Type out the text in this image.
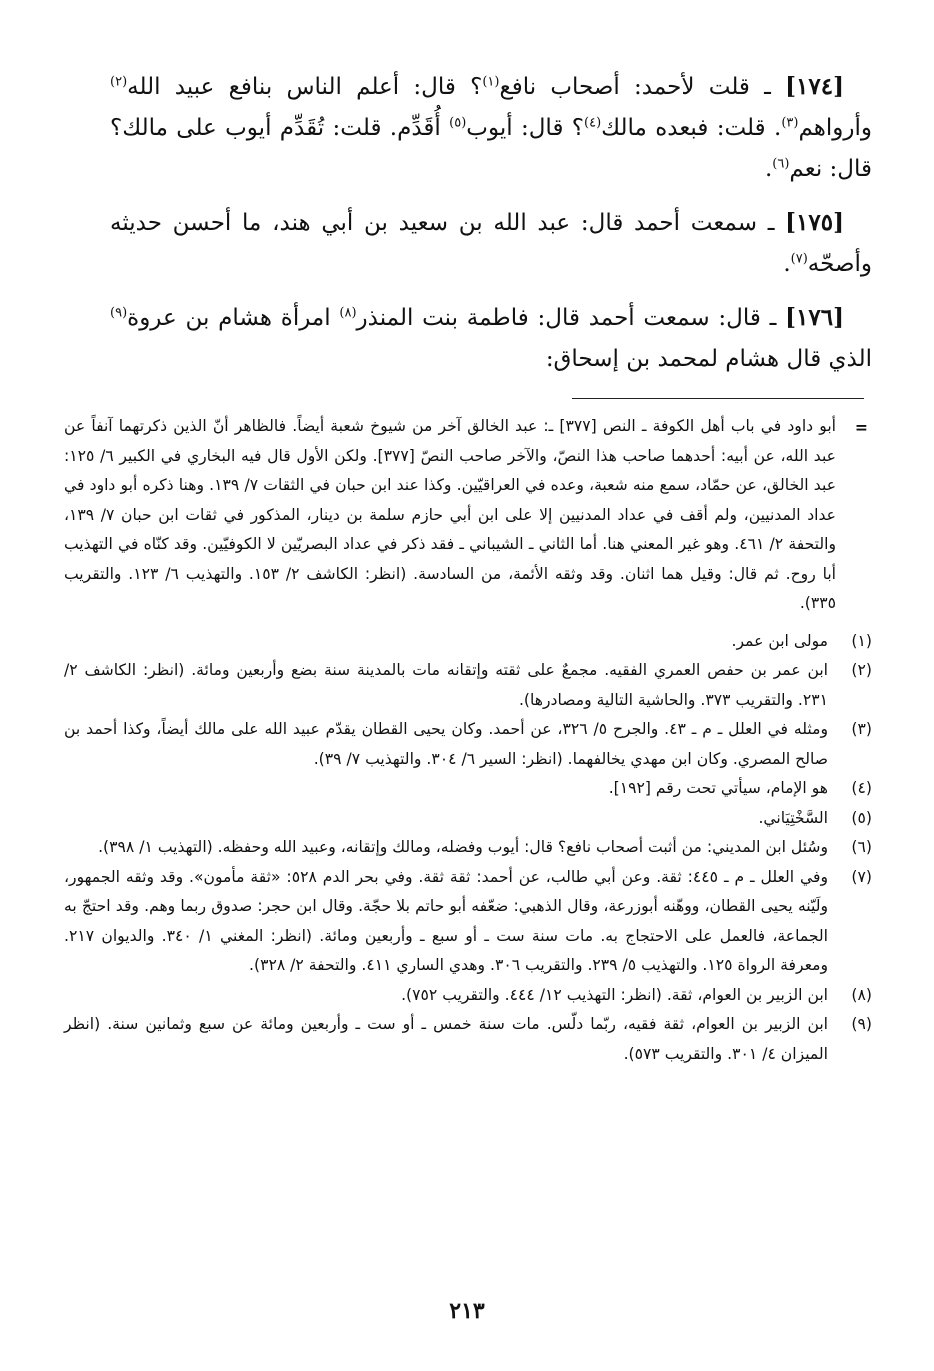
[١٧٤] ـ قلت لأحمد: أصحاب نافع$^{(١)}$؟ قال: أعلم الناس بنافع عبيد الله$^{(٢)}$ وأرواهم$^{(٣)}$. قلت: فبعده مالك$^{(٤)}$؟ قال: أيوب$^{(٥)}$ أُقَدِّم. قلت: تُقَدِّم أيوب على مالك؟ قال: نعم$^{(٦)}$.

[١٧٥] ـ سمعت أحمد قال: عبد الله بن سعيد بن أبي هند، ما أحسن حديثه وأصحّه$^{(٧)}$.

[١٧٦] ـ قال: سمعت أحمد قال: فاطمة بنت المنذر$^{(٨)}$ امرأة هشام بن عروة$^{(٩)}$ الذي قال هشام لمحمد بن إسحاق:

=
أبو داود في باب أهل الكوفة ـ النص [٣٧٧] ـ: عبد الخالق آخر من شيوخ شعبة أيضاً. فالظاهر أنّ الذين ذكرتهما آنفاً عن عبد الله، عن أبيه: أحدهما صاحب هذا النصّ، والآخر صاحب النصّ [٣٧٧]. ولكن الأول قال فيه البخاري في الكبير ٦/ ١٢٥: عبد الخالق، عن حمّاد، سمع منه شعبة، وعده في العراقيّين. وكذا عند ابن حبان في الثقات ٧/ ١٣٩. وهنا ذكره أبو داود في عداد المدنيين، ولم أقف في عداد المدنيين إلا على ابن أبي حازم سلمة بن دينار، المذكور في ثقات ابن حبان ٧/ ١٣٩، والتحفة ٢/ ٤٦١. وهو غير المعني هنا. أما الثاني ـ الشيباني ـ فقد ذكر في عداد البصريّين لا الكوفيّين. وقد كنّاه في التهذيب أبا روح. ثم قال: وقيل هما اثنان. وقد وثقه الأئمة، من السادسة. (انظر: الكاشف ٢/ ١٥٣. والتهذيب ٦/ ١٢٣. والتقريب ٣٣٥).
(١)
مولى ابن عمر.
(٢)
ابن عمر بن حفص العمري الفقيه. مجمعٌ على ثقته وإتقانه مات بالمدينة سنة بضع وأربعين ومائة. (انظر: الكاشف ٢/ ٢٣١. والتقريب ٣٧٣. والحاشية التالية ومصادرها).
(٣)
ومثله في العلل ـ م ـ ٤٣. والجرح ٥/ ٣٢٦، عن أحمد. وكان يحيى القطان يقدّم عبيد الله على مالك أيضاً، وكذا أحمد بن صالح المصري. وكان ابن مهدي يخالفهما. (انظر: السير ٦/ ٣٠٤. والتهذيب ٧/ ٣٩).
(٤)
هو الإمام، سيأتي تحت رقم [١٩٢].
(٥)
السَّخْتِيَاني.
(٦)
وسُئل ابن المديني: من أثبت أصحاب نافع؟ قال: أيوب وفضله، ومالك وإتقانه، وعبيد الله وحفظه. (التهذيب ١/ ٣٩٨).
(٧)
وفي العلل ـ م ـ ٤٤٥: ثقة. وعن أبي طالب، عن أحمد: ثقة ثقة. وفي بحر الدم ٥٢٨: «ثقة مأمون». وقد وثقه الجمهور، ولَيّنه يحيى القطان، ووهّنه أبوزرعة، وقال الذهبي: ضعّفه أبو حاتم بلا حجّة. وقال ابن حجر: صدوق ربما وهم. وقد احتجّ به الجماعة، فالعمل على الاحتجاج به. مات سنة ست ـ أو سبع ـ وأربعين ومائة. (انظر: المغني ١/ ٣٤٠. والديوان ٢١٧. ومعرفة الرواة ١٢٥. والتهذيب ٥/ ٢٣٩. والتقريب ٣٠٦. وهدي الساري ٤١١. والتحفة ٢/ ٣٢٨).
(٨)
ابن الزبير بن العوام، ثقة. (انظر: التهذيب ١٢/ ٤٤٤. والتقريب ٧٥٢).
(٩)
ابن الزبير بن العوام، ثقة فقيه، ربّما دلّس. مات سنة خمس ـ أو ست ـ وأربعين ومائة عن سبع وثمانين سنة. (انظر الميزان ٤/ ٣٠١. والتقريب ٥٧٣).
٢١٣
